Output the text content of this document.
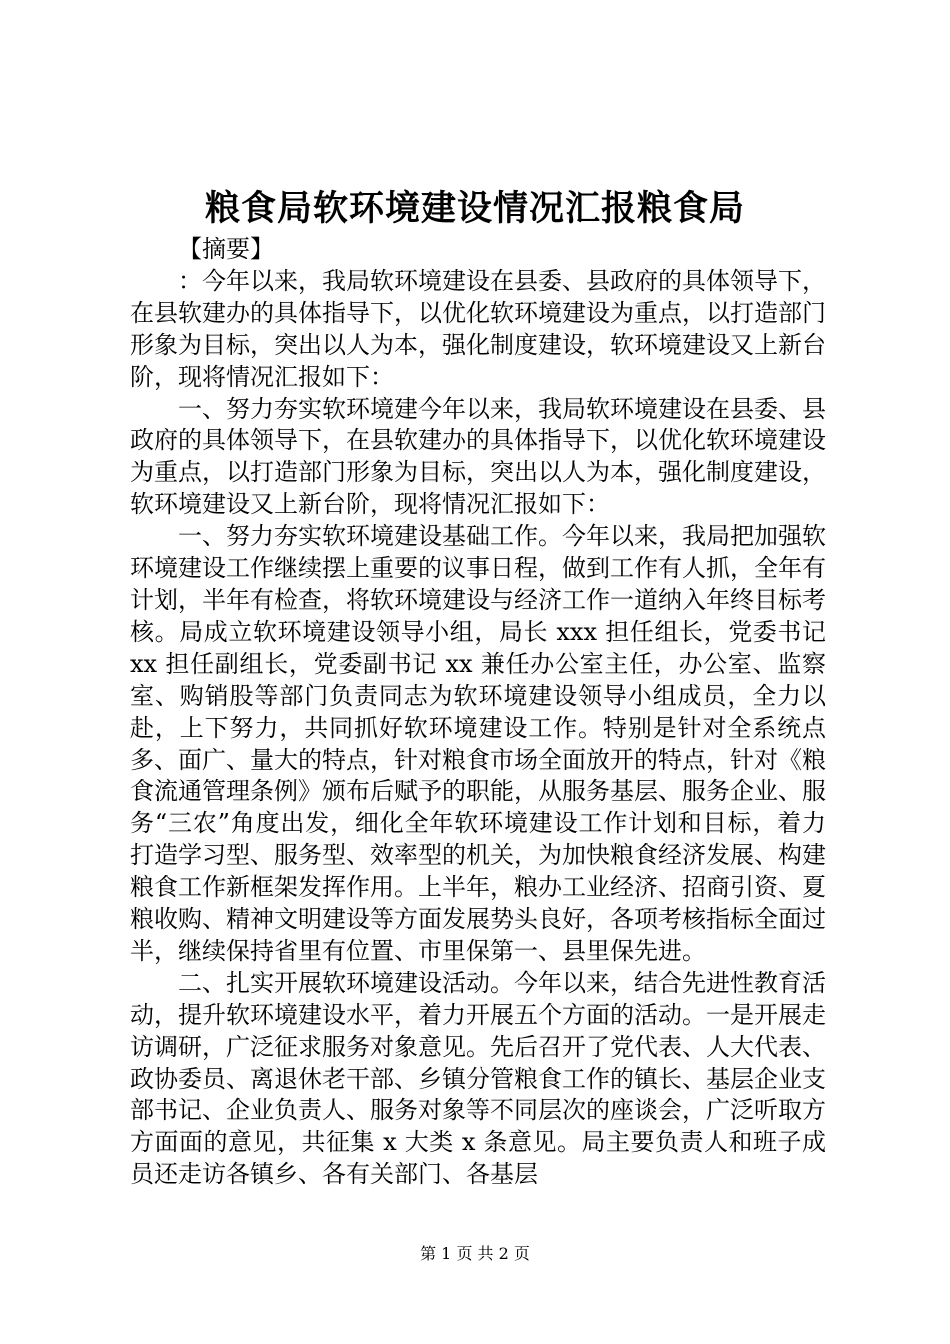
粮食局软环境建设情况汇报粮食局

【摘要】

：今年以来，我局软环境建设在县委、县政府的具体领导下，在县软建办的具体指导下，以优化软环境建设为重点，以打造部门形象为目标，突出以人为本，强化制度建设，软环境建设又上新台阶，现将情况汇报如下：

一、努力夯实软环境建今年以来，我局软环境建设在县委、县政府的具体领导下，在县软建办的具体指导下，以优化软环境建设为重点，以打造部门形象为目标，突出以人为本，强化制度建设，软环境建设又上新台阶，现将情况汇报如下：

一、努力夯实软环境建设基础工作。今年以来，我局把加强软环境建设工作继续摆上重要的议事日程，做到工作有人抓，全年有计划，半年有检查，将软环境建设与经济工作一道纳入年终目标考核。局成立软环境建设领导小组，局长 xxx 担任组长，党委书记 xx 担任副组长，党委副书记 xx 兼任办公室主任，办公室、监察室、购销股等部门负责同志为软环境建设领导小组成员，全力以赴，上下努力，共同抓好软环境建设工作。特别是针对全系统点多、面广、量大的特点，针对粮食市场全面放开的特点，针对《粮食流通管理条例》颁布后赋予的职能，从服务基层、服务企业、服务“三农”角度出发，细化全年软环境建设工作计划和目标，着力打造学习型、服务型、效率型的机关，为加快粮食经济发展、构建粮食工作新框架发挥作用。上半年，粮办工业经济、招商引资、夏粮收购、精神文明建设等方面发展势头良好，各项考核指标全面过半，继续保持省里有位置、市里保第一、县里保先进。

二、扎实开展软环境建设活动。今年以来，结合先进性教育活动，提升软环境建设水平，着力开展五个方面的活动。一是开展走访调研，广泛征求服务对象意见。先后召开了党代表、人大代表、政协委员、离退休老干部、乡镇分管粮食工作的镇长、基层企业支部书记、企业负责人、服务对象等不同层次的座谈会，广泛听取方方面面的意见，共征集 x 大类 x 条意见。局主要负责人和班子成员还走访各镇乡、各有关部门、各基层

第 1 页 共 2 页
